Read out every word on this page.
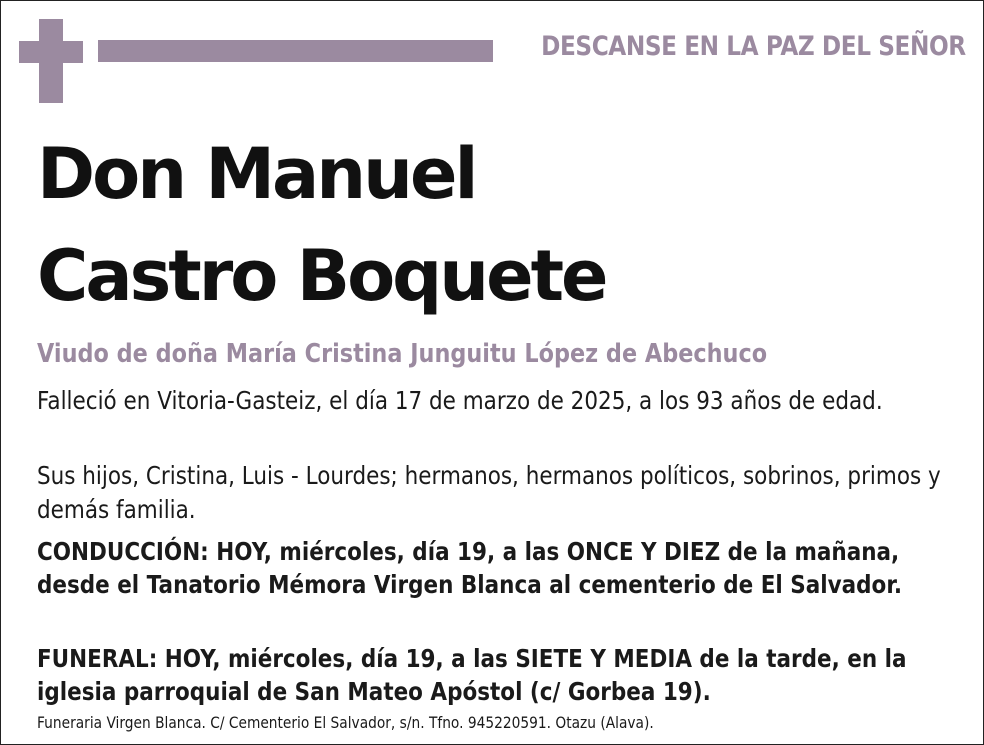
DESCANSE EN LA PAZ DEL SEÑOR
Don Manuel
Castro Boquete
Viudo de doña María Cristina Junguitu López de Abechuco
Falleció en Vitoria-Gasteiz, el día 17 de marzo de 2025, a los 93 años de edad.
Sus hijos, Cristina, Luis - Lourdes; hermanos, hermanos políticos, sobrinos, primos y demás familia.
CONDUCCIÓN: HOY, miércoles, día 19, a las ONCE Y DIEZ de la mañana, desde el Tanatorio Mémora Virgen Blanca al cementerio de El Salvador.
FUNERAL: HOY, miércoles, día 19, a las SIETE Y MEDIA de la tarde, en la iglesia parroquial de San Mateo Apóstol (c/ Gorbea 19).
Funeraria Virgen Blanca. C/ Cementerio El Salvador, s/n. Tfno. 945220591. Otazu (Alava).
